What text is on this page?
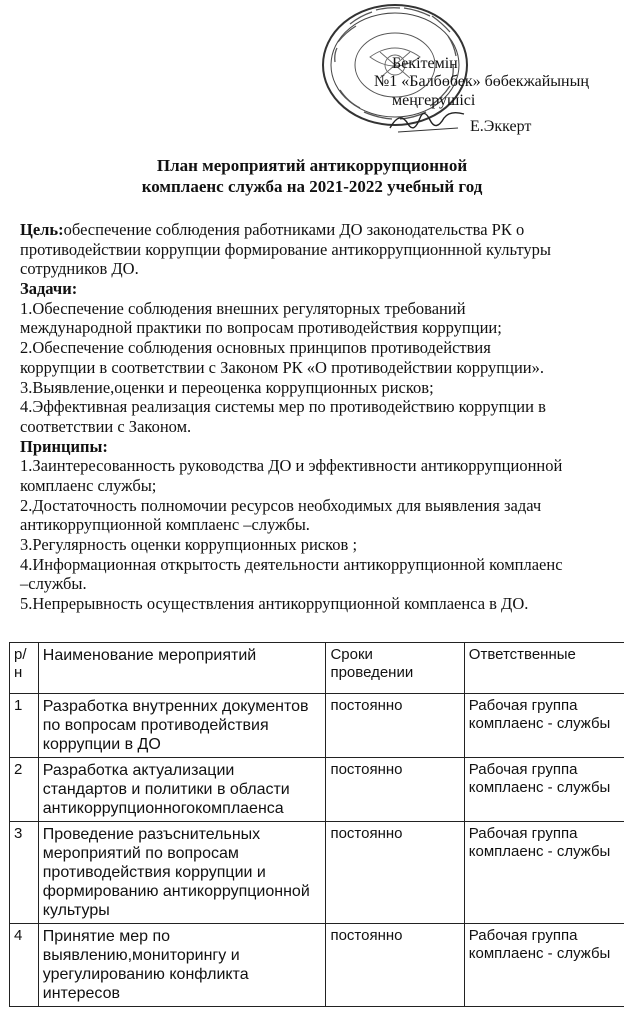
Бекітемін
№1 «Балбөбек» бөбекжайының
меңгерушісі
Е.Эккерт
План мероприятий антикоррупционной
комплаенс служба на 2021-2022 учебный год
Цель:обеспечение соблюдения работниками ДО законодательства РК о
противодействии коррупции формирование антикоррупционнной культуры
сотрудников ДО.
Задачи:
1.Обеспечение соблюдения внешних регуляторных требований
международной практики по вопросам противодействия коррупции;
2.Обеспечение соблюдения основных принципов противодействия
коррупции в соответствии с Законом РК «О противодействии коррупции».
3.Выявление,оценки и переоценка коррупционных рисков;
4.Эффективная реализация системы мер по противодействию коррупции в
соответствии с Законом.
Принципы:
1.Заинтересованность руководства ДО и эффективности антикоррупционной
комплаенс службы;
2.Достаточность полномочии ресурсов необходимых для выявления задач
антикоррупционной комплаенс –службы.
3.Регулярность оценки коррупционных рисков ;
4.Информационная открытость деятельности антикоррупционной комплаенс
–службы.
5.Непрерывность осуществления антикоррупционной комплаенса в ДО.
р/н	Наименование мероприятий	Сроки проведении	Ответственные
1	Разработка внутренних документов по вопросам противодействия коррупции в ДО	постоянно	Рабочая группа комплаенс - службы
2	Разработка актуализации стандартов и политики в области антикоррупционногокомплаенса	постоянно	Рабочая группа комплаенс - службы
3	Проведение разъснительных мероприятий по вопросам противодействия коррупции и формированию антикоррупционной культуры	постоянно	Рабочая группа комплаенс - службы
4	Принятие мер по выявлению,мониторингу и урегулированию конфликта интересов	постоянно	Рабочая группа комплаенс - службы
